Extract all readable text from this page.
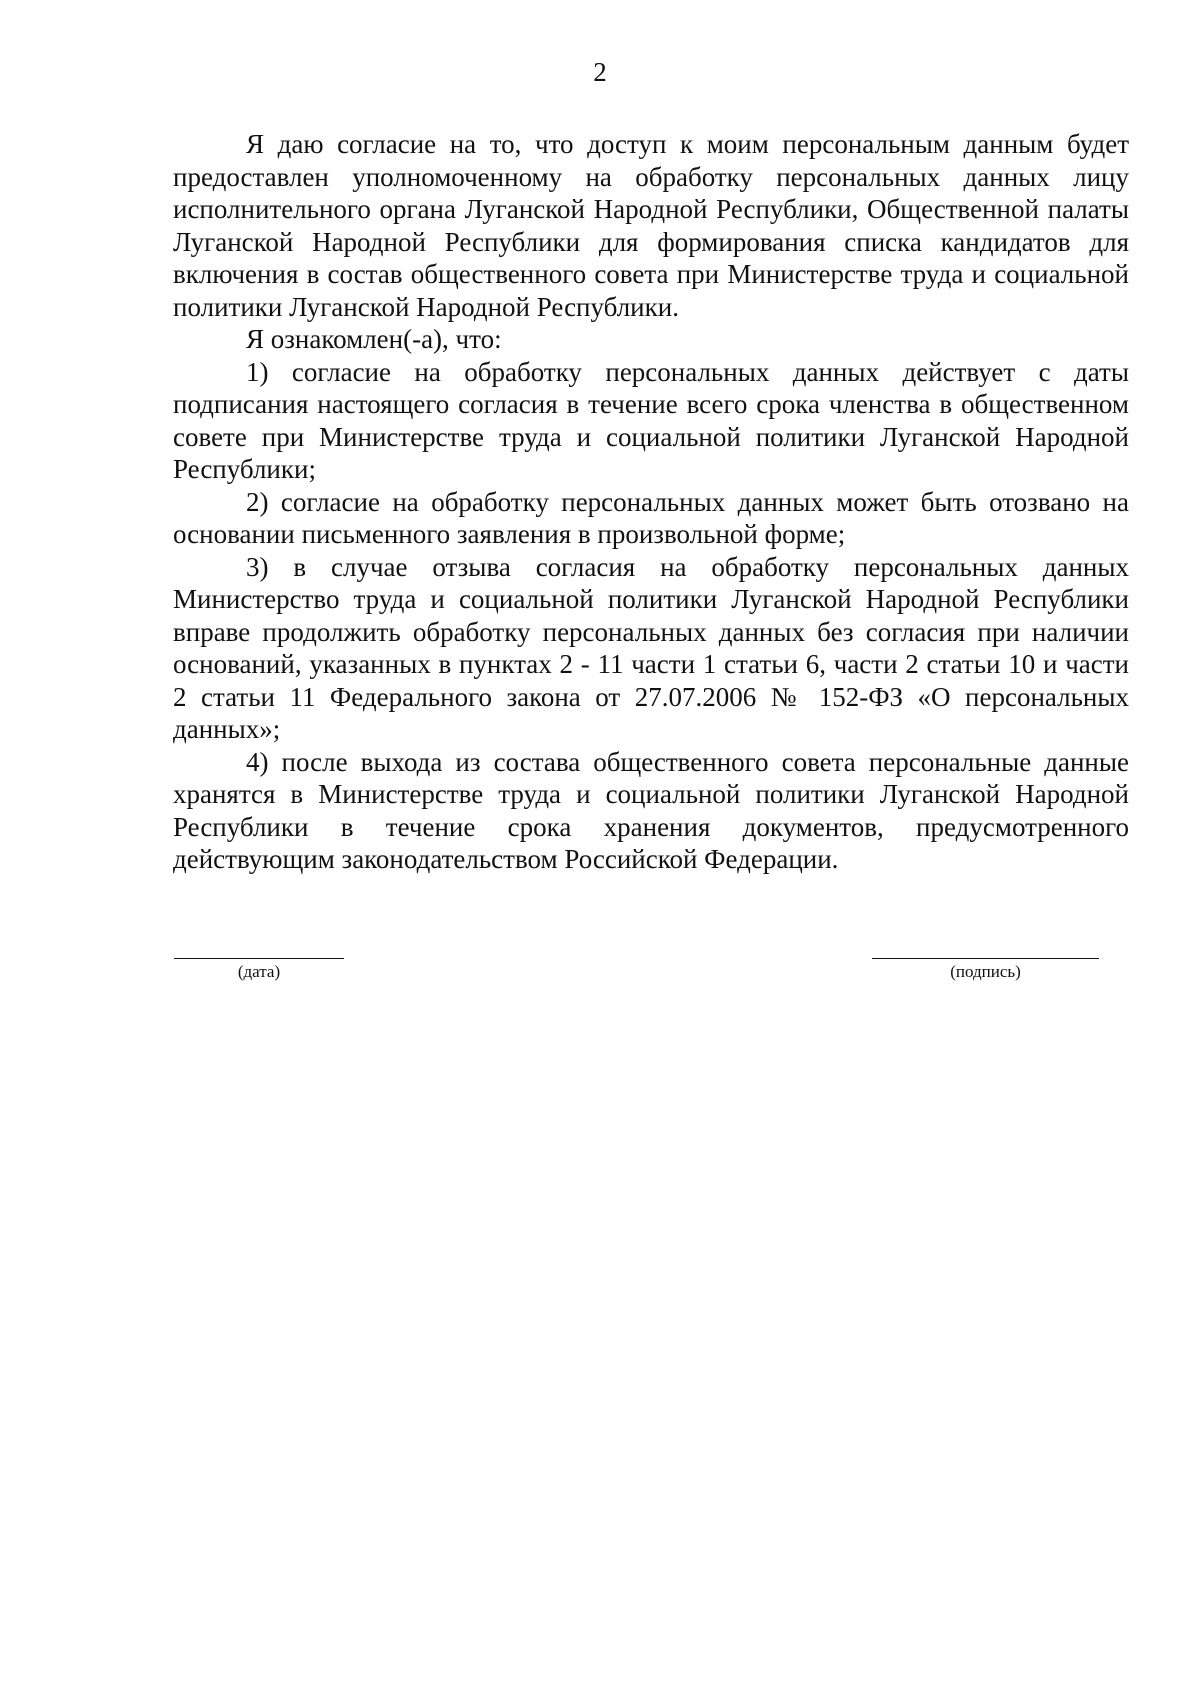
2

Я даю согласие на то, что доступ к моим персональным данным будет предоставлен уполномоченному на обработку персональных данных лицу исполнительного органа Луганской Народной Республики, Общественной палаты Луганской Народной Республики для формирования списка кандидатов для включения в состав общественного совета при Министерстве труда и социальной политики Луганской Народной Республики.

Я ознакомлен(-а), что:

1) согласие на обработку персональных данных действует с даты подписания настоящего согласия в течение всего срока членства в общественном совете при Министерстве труда и социальной политики Луганской Народной Республики;

2) согласие на обработку персональных данных может быть отозвано на основании письменного заявления в произвольной форме;

3) в случае отзыва согласия на обработку персональных данных Министерство труда и социальной политики Луганской Народной Республики вправе продолжить обработку персональных данных без согласия при наличии оснований, указанных в пунктах 2 - 11 части 1 статьи 6, части 2 статьи 10 и части 2 статьи 11 Федерального закона от 27.07.2006 № 152-ФЗ «О персональных данных»;

4) после выхода из состава общественного совета персональные данные хранятся в Министерстве труда и социальной политики Луганской Народной Республики в течение срока хранения документов, предусмотренного действующим законодательством Российской Федерации.

(дата)	(подпись)
